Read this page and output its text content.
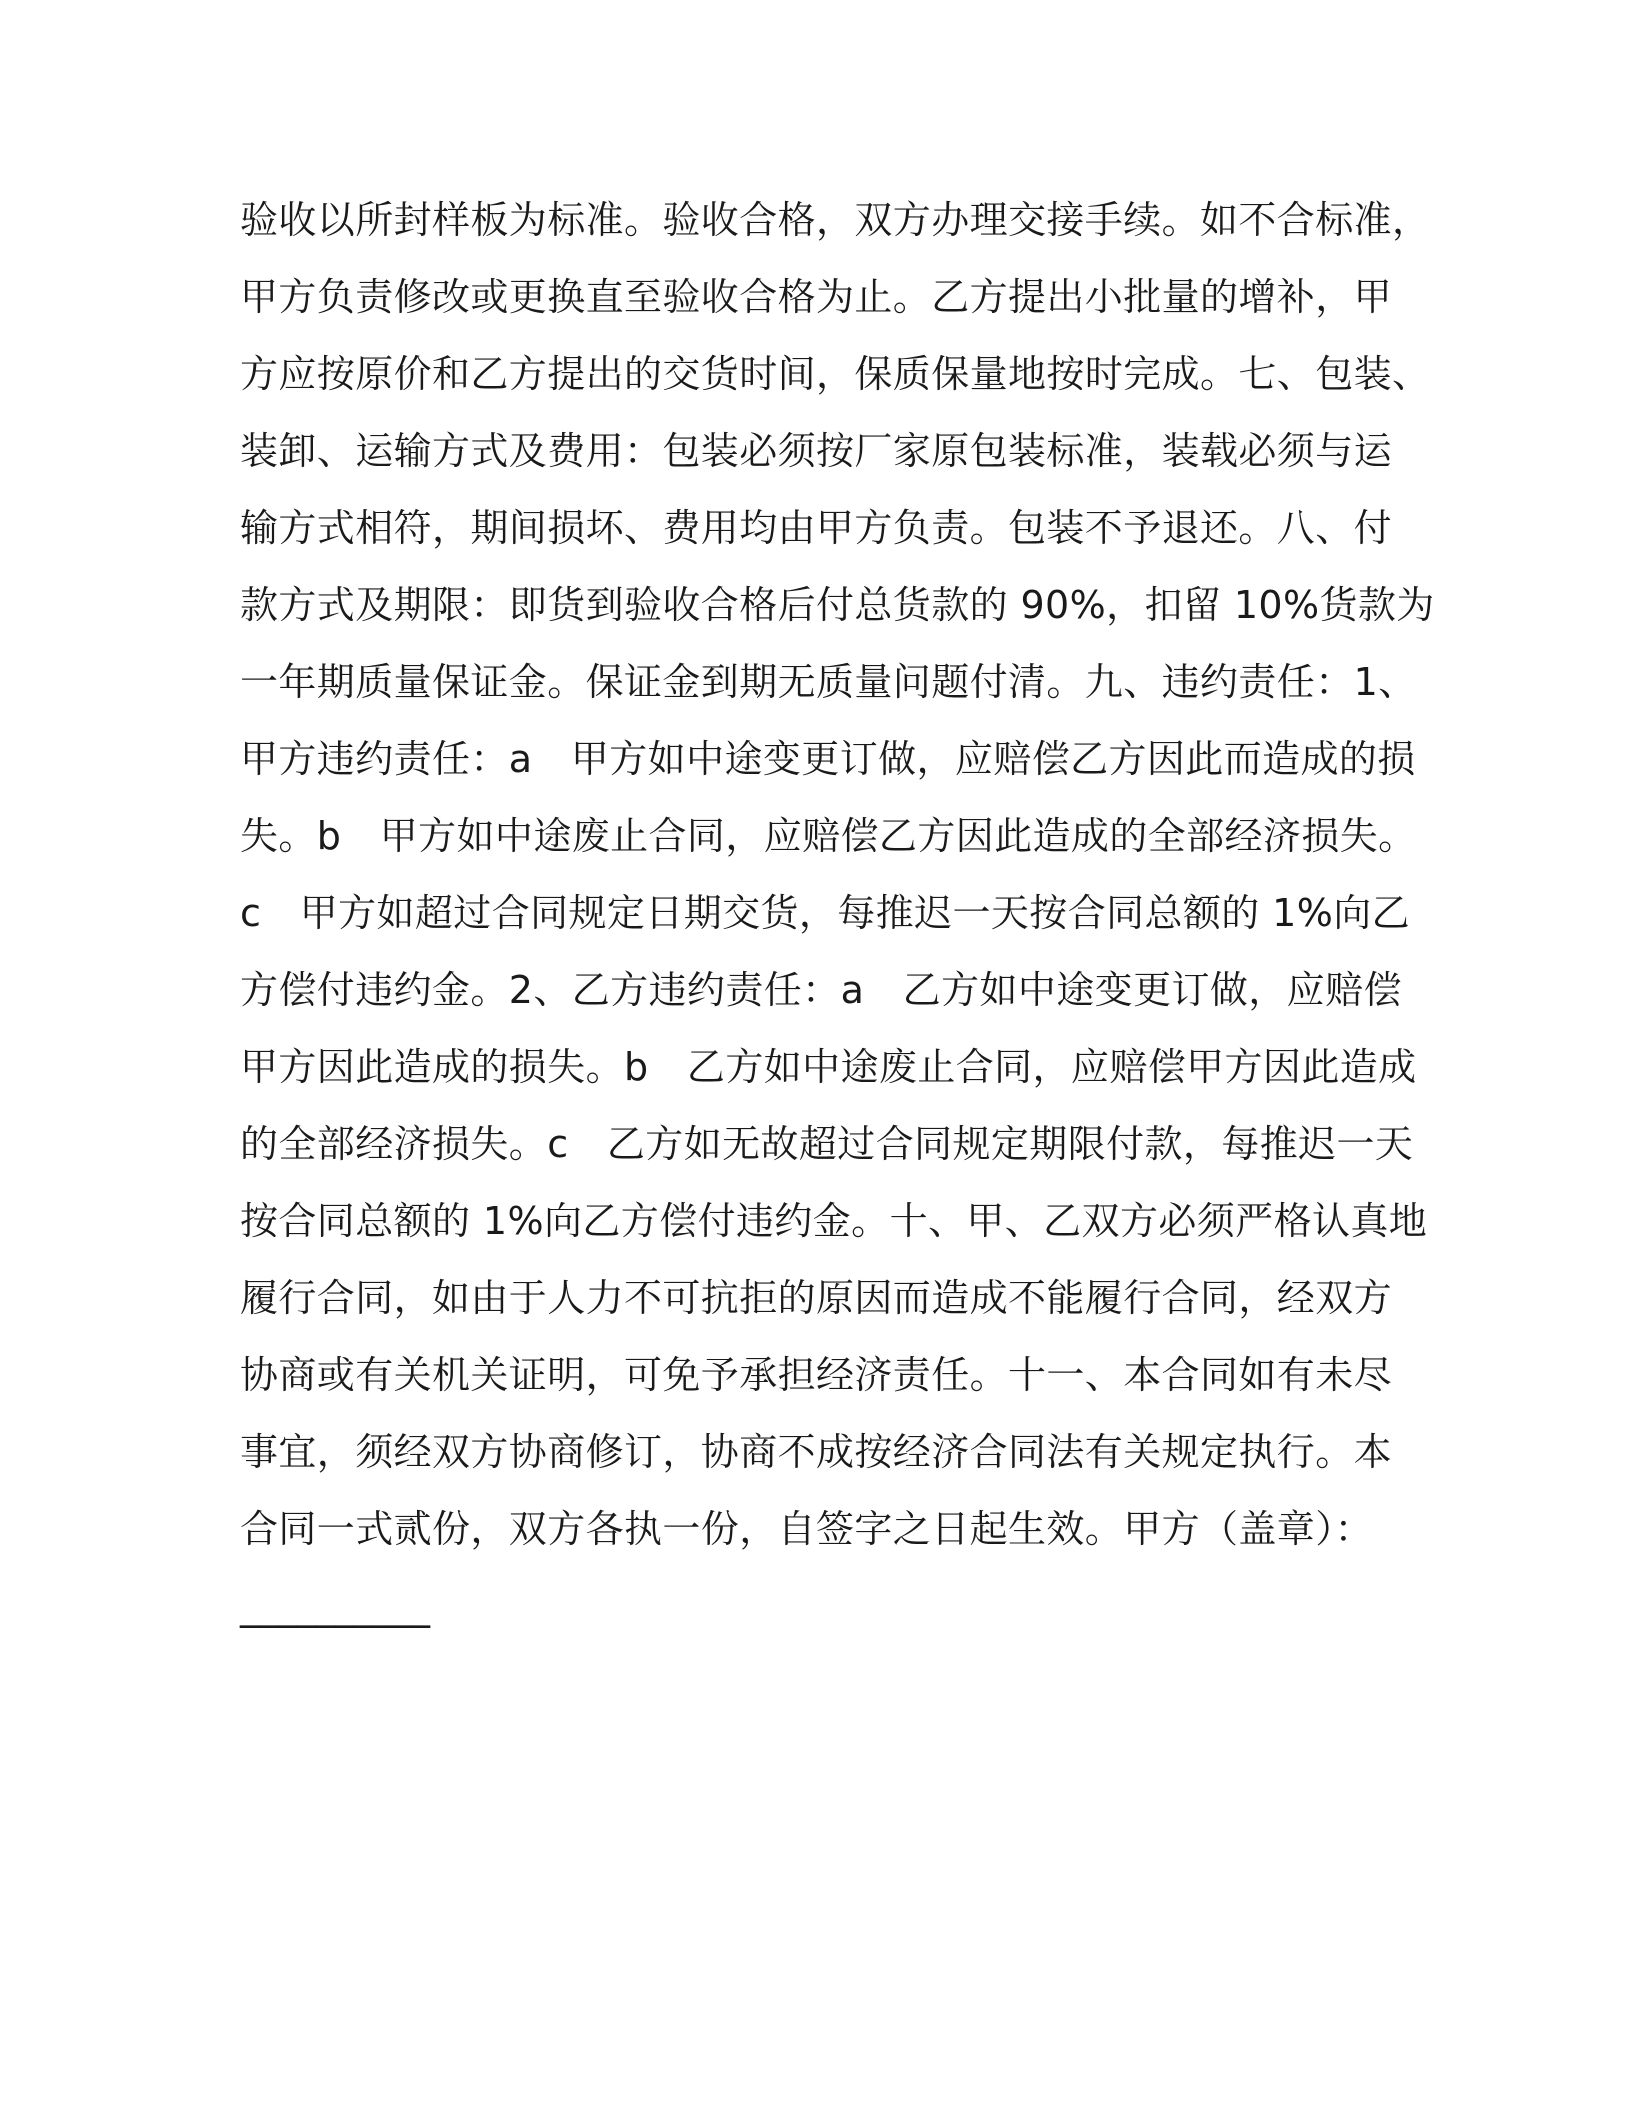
验收以所封样板为标准。验收合格，双方办理交接手续。如不合标准，
甲方负责修改或更换直至验收合格为止。乙方提出小批量的增补，甲
方应按原价和乙方提出的交货时间，保质保量地按时完成。七、包装、
装卸、运输方式及费用：包装必须按厂家原包装标准，装载必须与运
输方式相符，期间损坏、费用均由甲方负责。包装不予退还。八、付
款方式及期限：即货到验收合格后付总货款的 90%，扣留 10%货款为
一年期质量保证金。保证金到期无质量问题付清。九、违约责任：1、
甲方违约责任：a　甲方如中途变更订做，应赔偿乙方因此而造成的损
失。b　甲方如中途废止合同，应赔偿乙方因此造成的全部经济损失。
c　甲方如超过合同规定日期交货，每推迟一天按合同总额的 1%向乙
方偿付违约金。2、乙方违约责任：a　乙方如中途变更订做，应赔偿
甲方因此造成的损失。b　乙方如中途废止合同，应赔偿甲方因此造成
的全部经济损失。c　乙方如无故超过合同规定期限付款，每推迟一天
按合同总额的 1%向乙方偿付违约金。十、甲、乙双方必须严格认真地
履行合同，如由于人力不可抗拒的原因而造成不能履行合同，经双方
协商或有关机关证明，可免予承担经济责任。十一、本合同如有未尽
事宜，须经双方协商修订，协商不成按经济合同法有关规定执行。本
合同一式贰份，双方各执一份，自签字之日起生效。甲方（盖章）：
__________
